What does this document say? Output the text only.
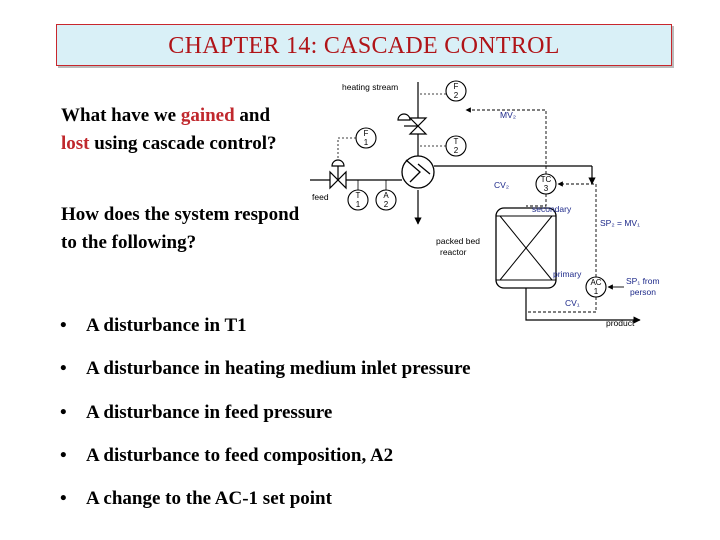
CHAPTER 14: CASCADE CONTROL
What have we gained and lost using cascade control?
How does the system respond to the following?
• A disturbance in T1
• A disturbance in heating medium inlet pressure
• A disturbance in feed pressure
• A disturbance to feed composition, A2
• A change to the AC-1 set point
heating stream
feed
F
2
F
1	T
2
T
1
A
2
MV₂
TC
3
CV₂
secondary
packed bed
reactor
product
AC
1
primary
CV₁
SP₂ = MV₁
SP₁ from
person
